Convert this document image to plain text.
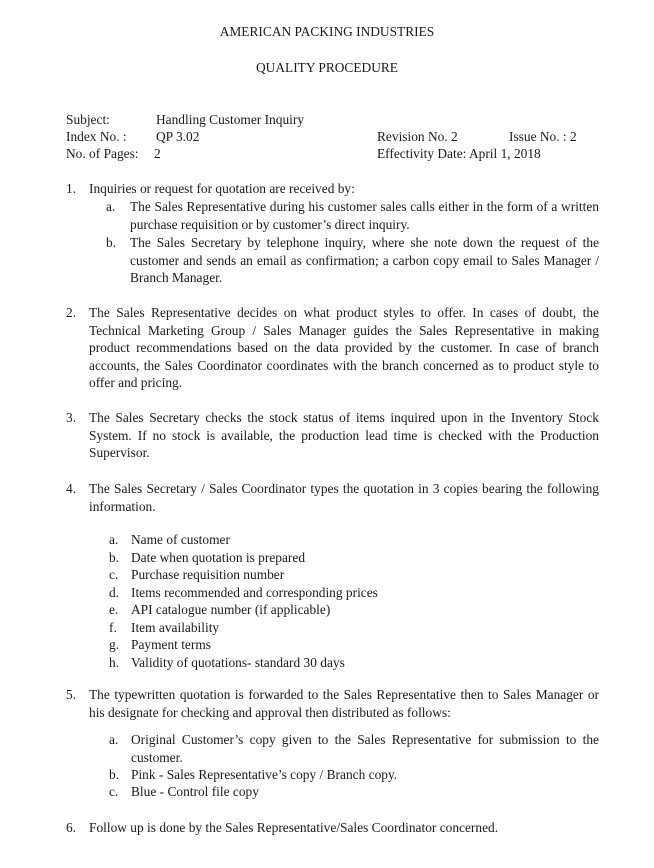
AMERICAN PACKING INDUSTRIES
QUALITY PROCEDURE
Subject:	Handling Customer Inquiry
Index No. : QP 3.02	Revision No. 2	Issue No. : 2
No. of Pages: 2	Effectivity Date: April 1, 2018
1. Inquiries or request for quotation are received by:
a. The Sales Representative during his customer sales calls either in the form of a written purchase requisition or by customer’s direct inquiry.
b. The Sales Secretary by telephone inquiry, where she note down the request of the customer and sends an email as confirmation; a carbon copy email to Sales Manager / Branch Manager.
2. The Sales Representative decides on what product styles to offer. In cases of doubt, the Technical Marketing Group / Sales Manager guides the Sales Representative in making product recommendations based on the data provided by the customer. In case of branch accounts, the Sales Coordinator coordinates with the branch concerned as to product style to offer and pricing.
3. The Sales Secretary checks the stock status of items inquired upon in the Inventory Stock System. If no stock is available, the production lead time is checked with the Production Supervisor.
4. The Sales Secretary / Sales Coordinator types the quotation in 3 copies bearing the following information.
a. Name of customer
b. Date when quotation is prepared
c. Purchase requisition number
d. Items recommended and corresponding prices
e. API catalogue number (if applicable)
f. Item availability
g. Payment terms
h. Validity of quotations- standard 30 days
5. The typewritten quotation is forwarded to the Sales Representative then to Sales Manager or his designate for checking and approval then distributed as follows:
a. Original Customer’s copy given to the Sales Representative for submission to the customer.
b. Pink - Sales Representative’s copy / Branch copy.
c. Blue - Control file copy
6. Follow up is done by the Sales Representative/Sales Coordinator concerned.
